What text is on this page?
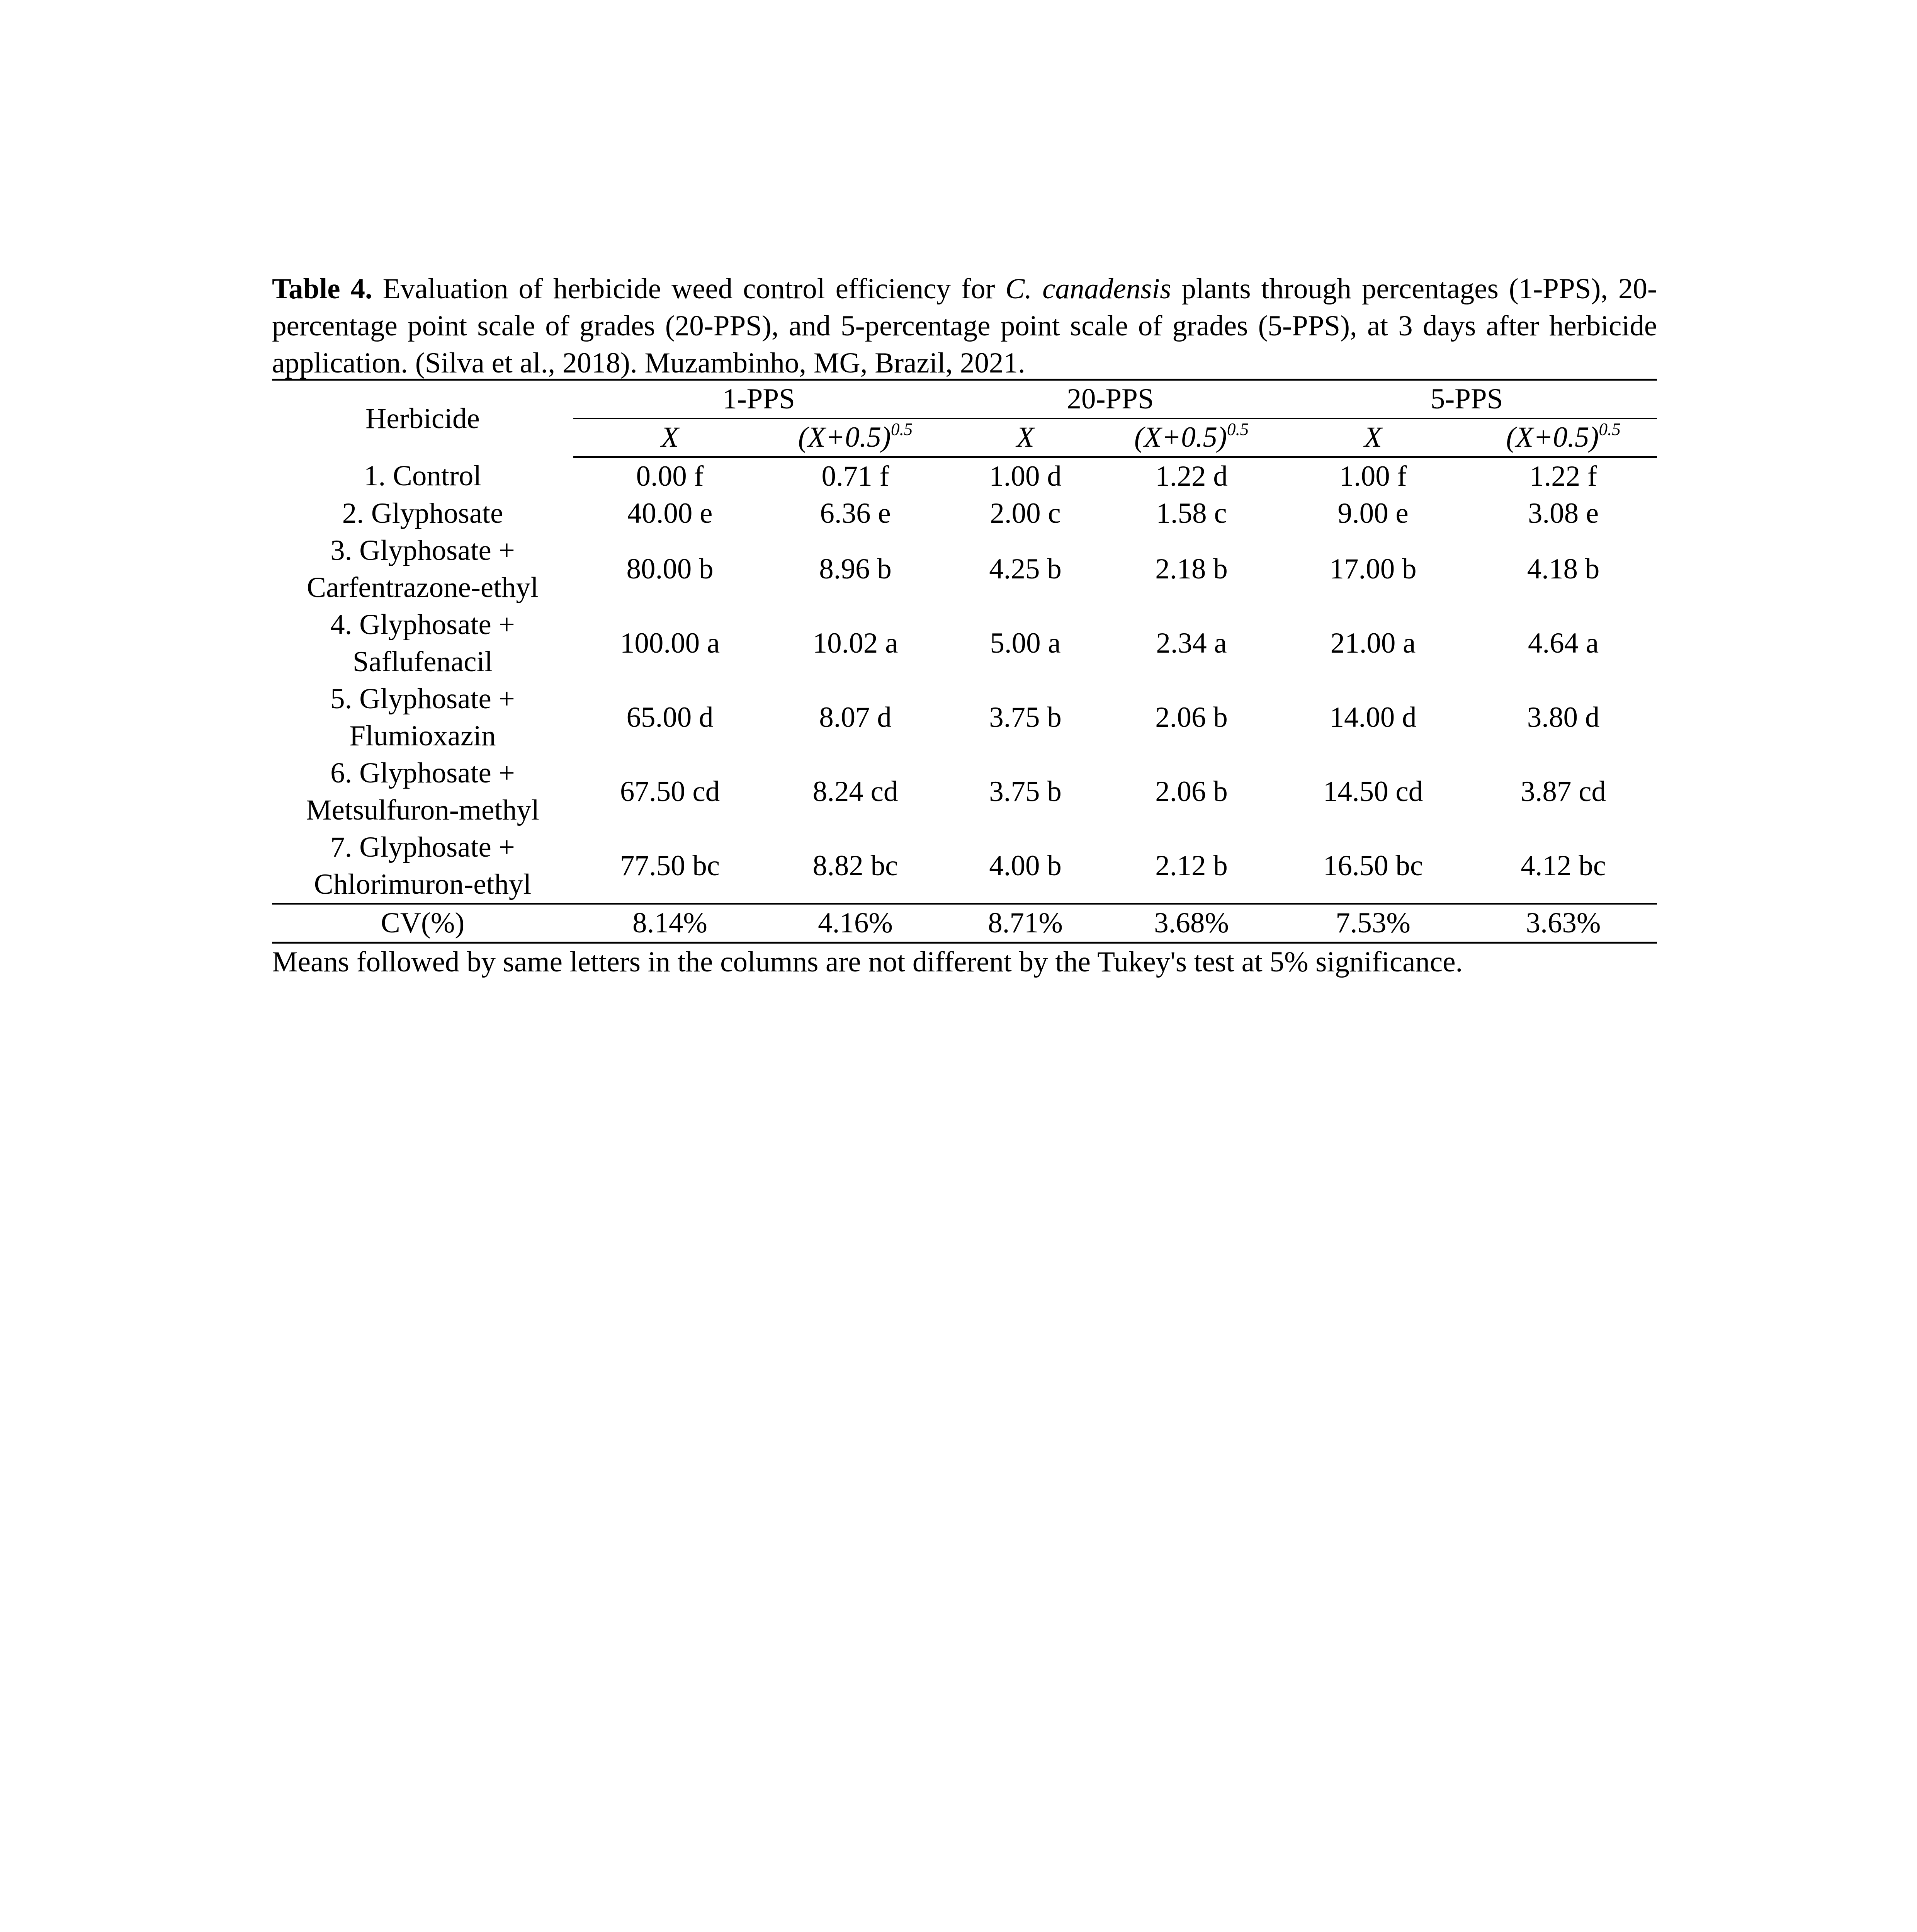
Table 4. Evaluation of herbicide weed control efficiency for C. canadensis plants through percentages (1-PPS), 20-percentage point scale of grades (20-PPS), and 5-percentage point scale of grades (5-PPS), at 3 days after herbicide application. (Silva et al., 2018). Muzambinho, MG, Brazil, 2021.

Herbicide	1-PPS		20-PPS		5-PPS	
	X	$(X+0.5)^{0.5}$	X	$(X+0.5)^{0.5}$	X	$(X+0.5)^{0.5}$

1. Control	0.00 f	0.71 f	1.00 d	1.22 d	1.00 f	1.22 f

2. Glyphosate	40.00 e	6.36 e	2.00 c	1.58 c	9.00 e	3.08 e

3. Glyphosate +
Carfentrazone-ethyl	80.00 b	8.96 b	4.25 b	2.18 b	17.00 b	4.18 b

4. Glyphosate +
Saflufenacil	100.00 a	10.02 a	5.00 a	2.34 a	21.00 a	4.64 a

5. Glyphosate +
Flumioxazin	65.00 d	8.07 d	3.75 b	2.06 b	14.00 d	3.80 d

6. Glyphosate +
Metsulfuron-methyl	67.50 cd	8.24 cd	3.75 b	2.06 b	14.50 cd	3.87 cd

7. Glyphosate +
Chlorimuron-ethyl	77.50 bc	8.82 bc	4.00 b	2.12 b	16.50 bc	4.12 bc
CV(%)	8.14%	4.16%	8.71%	3.68%	7.53%	3.63%

Means followed by same letters in the columns are not different by the Tukey's test at 5% significance.
